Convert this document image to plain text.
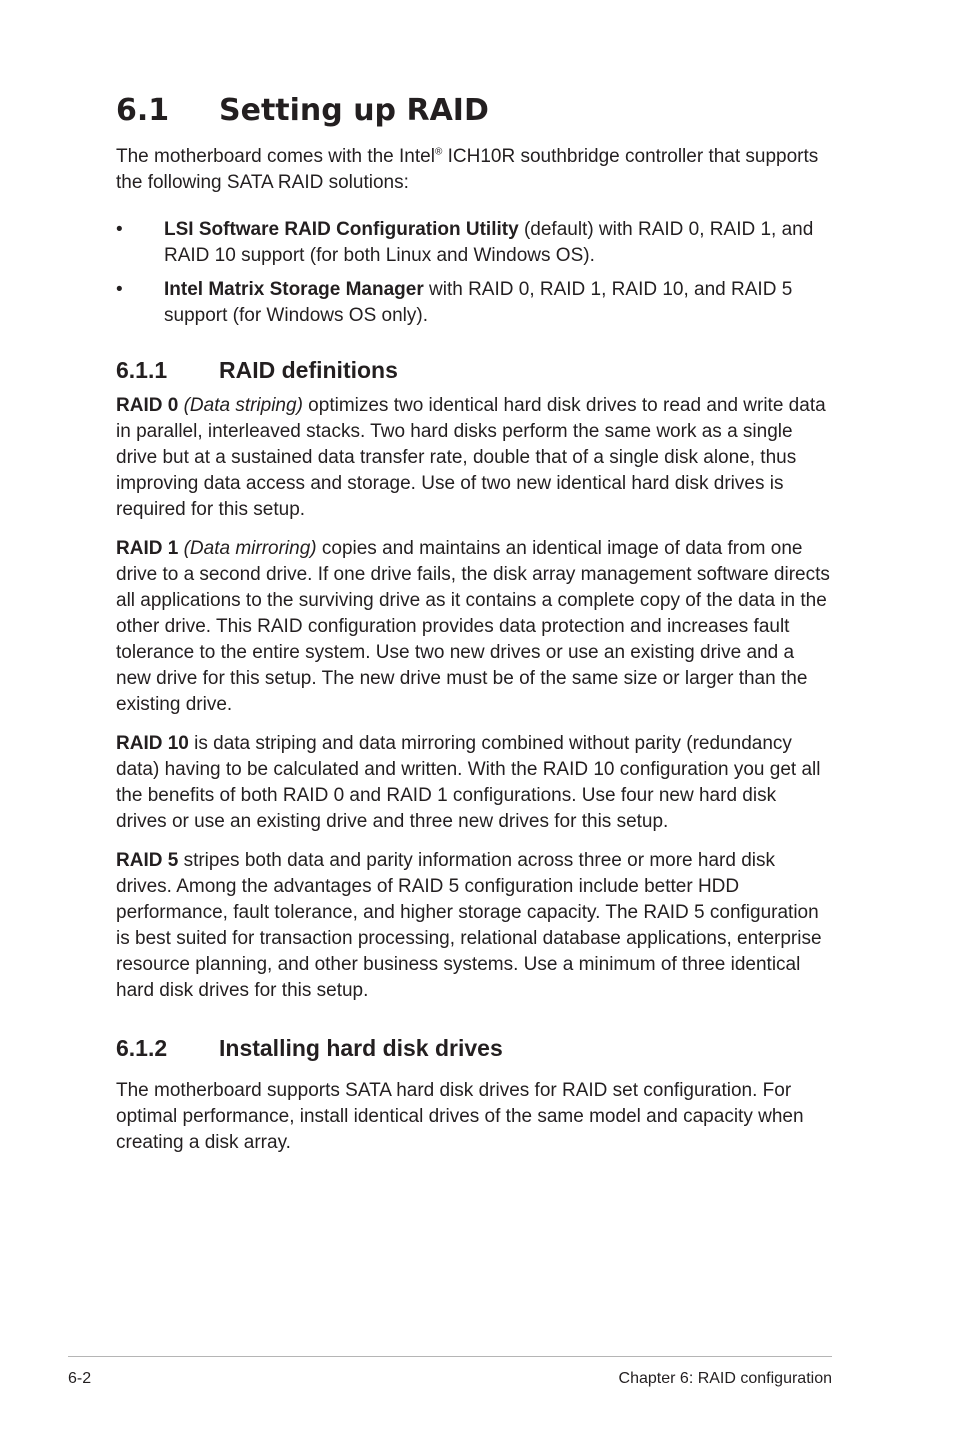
6.1 Setting up RAID

The motherboard comes with the Intel® ICH10R southbridge controller that supports the following SATA RAID solutions:

• LSI Software RAID Configuration Utility (default) with RAID 0, RAID 1, and RAID 10 support (for both Linux and Windows OS).
• Intel Matrix Storage Manager with RAID 0, RAID 1, RAID 10, and RAID 5 support (for Windows OS only).
6.1.1 RAID definitions

RAID 0 (Data striping) optimizes two identical hard disk drives to read and write data in parallel, interleaved stacks. Two hard disks perform the same work as a single drive but at a sustained data transfer rate, double that of a single disk alone, thus improving data access and storage. Use of two new identical hard disk drives is required for this setup.

RAID 1 (Data mirroring) copies and maintains an identical image of data from one drive to a second drive. If one drive fails, the disk array management software directs all applications to the surviving drive as it contains a complete copy of the data in the other drive. This RAID configuration provides data protection and increases fault tolerance to the entire system. Use two new drives or use an existing drive and a new drive for this setup. The new drive must be of the same size or larger than the existing drive.

RAID 10 is data striping and data mirroring combined without parity (redundancy data) having to be calculated and written. With the RAID 10 configuration you get all the benefits of both RAID 0 and RAID 1 configurations. Use four new hard disk drives or use an existing drive and three new drives for this setup.

RAID 5 stripes both data and parity information across three or more hard disk drives. Among the advantages of RAID 5 configuration include better HDD performance, fault tolerance, and higher storage capacity. The RAID 5 configuration is best suited for transaction processing, relational database applications, enterprise resource planning, and other business systems. Use a minimum of three identical hard disk drives for this setup.

6.1.2 Installing hard disk drives

The motherboard supports SATA hard disk drives for RAID set configuration. For optimal performance, install identical drives of the same model and capacity when creating a disk array.

6-2	Chapter 6: RAID configuration
